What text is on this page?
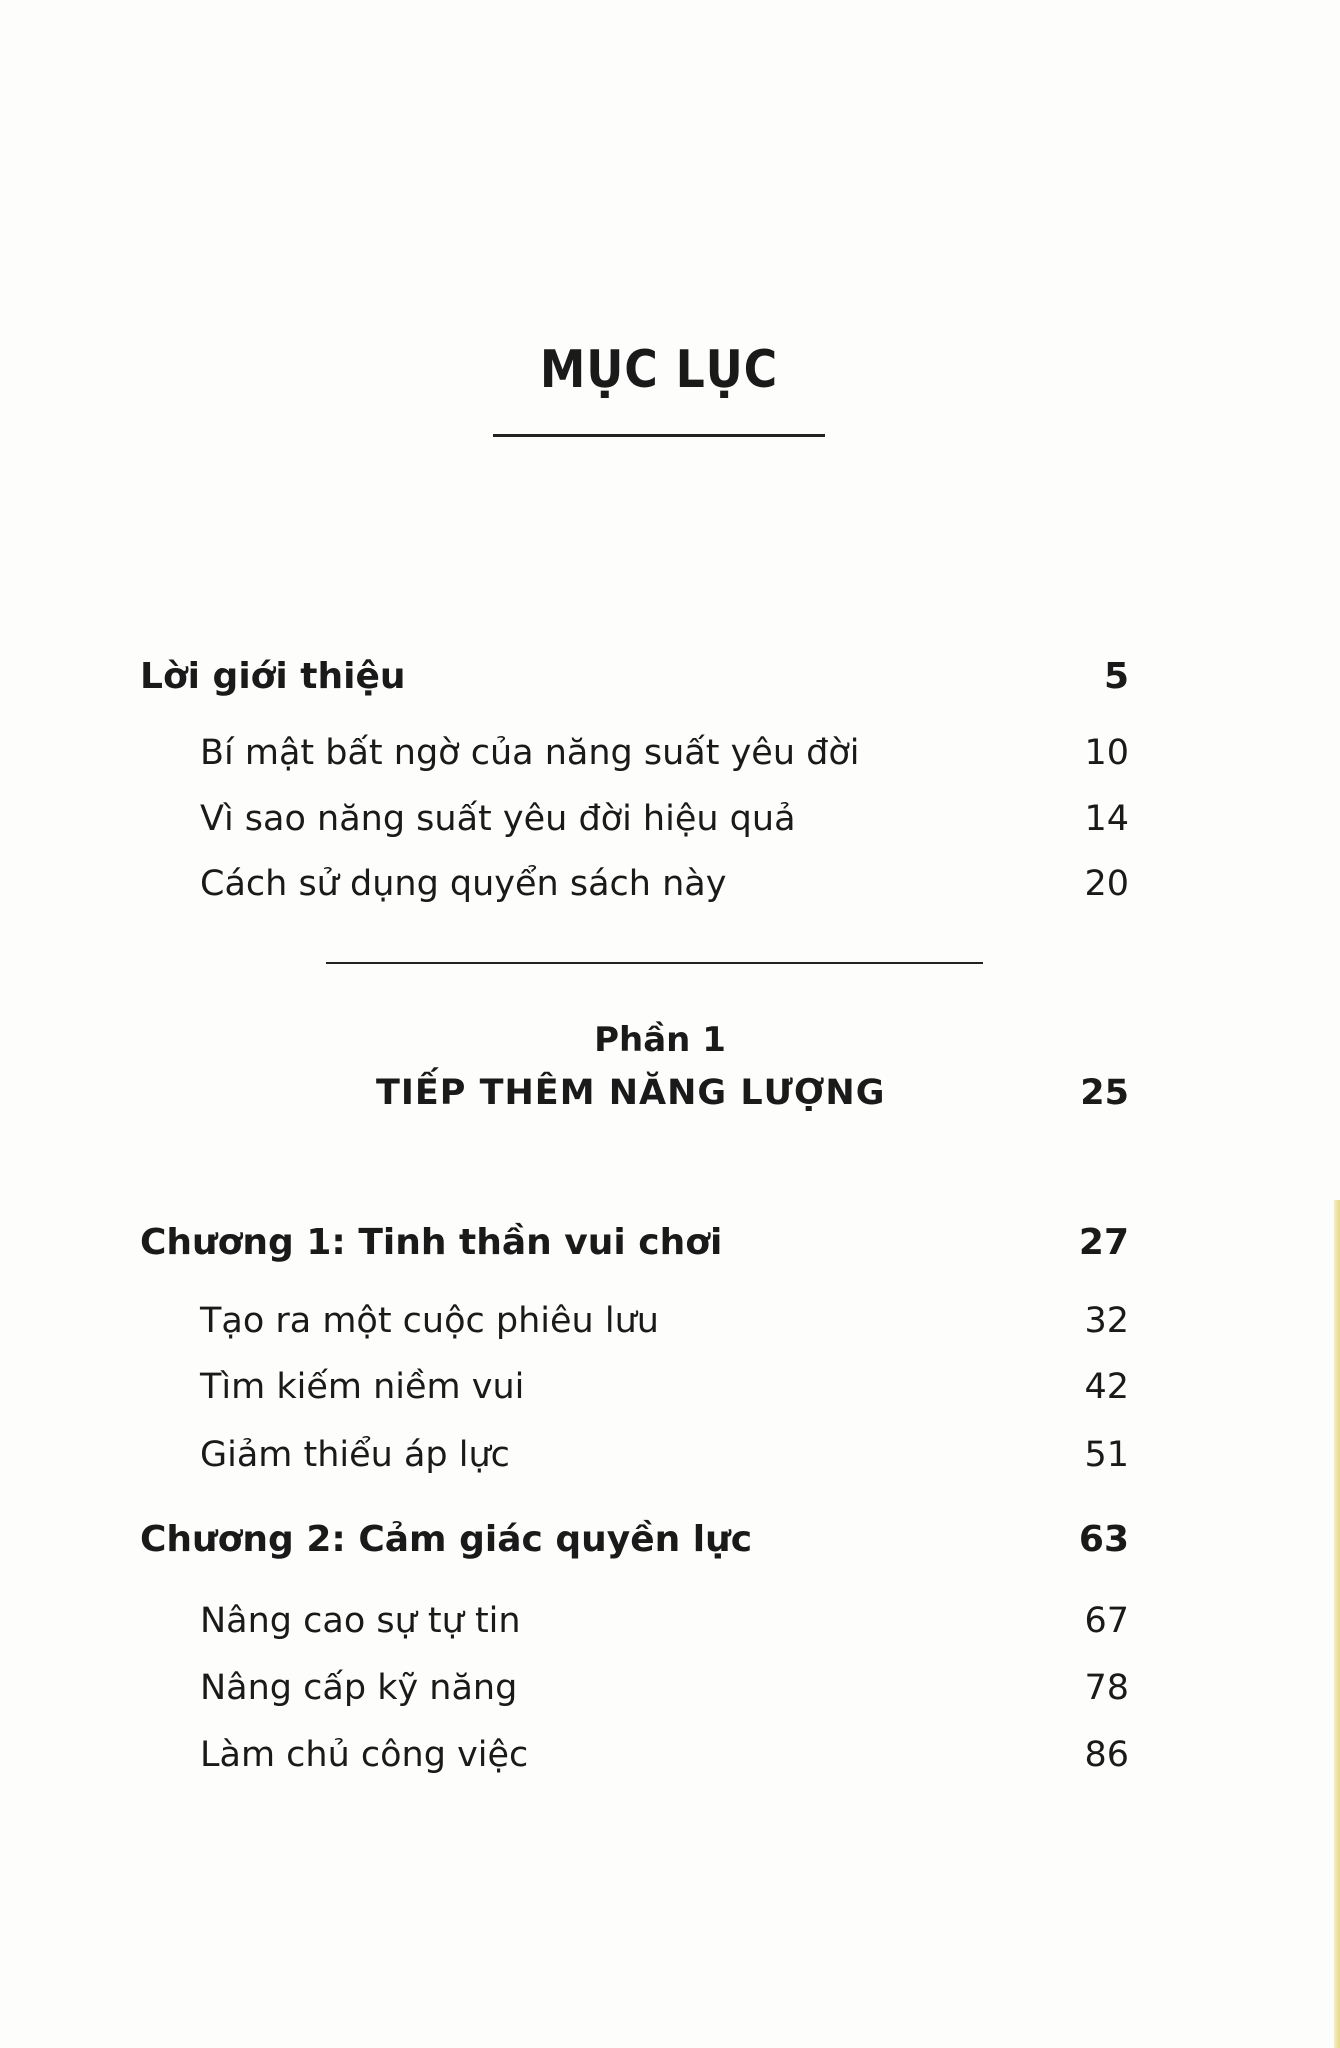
MỤC LỤC
Lời giới thiệu	5
Bí mật bất ngờ của năng suất yêu đời	10
Vì sao năng suất yêu đời hiệu quả	14
Cách sử dụng quyển sách này	20
Phần 1
TIẾP THÊM NĂNG LƯỢNG	25
Chương 1: Tinh thần vui chơi	27
Tạo ra một cuộc phiêu lưu	32
Tìm kiếm niềm vui	42
Giảm thiểu áp lực	51
Chương 2: Cảm giác quyền lực	63
Nâng cao sự tự tin	67
Nâng cấp kỹ năng	78
Làm chủ công việc	86
